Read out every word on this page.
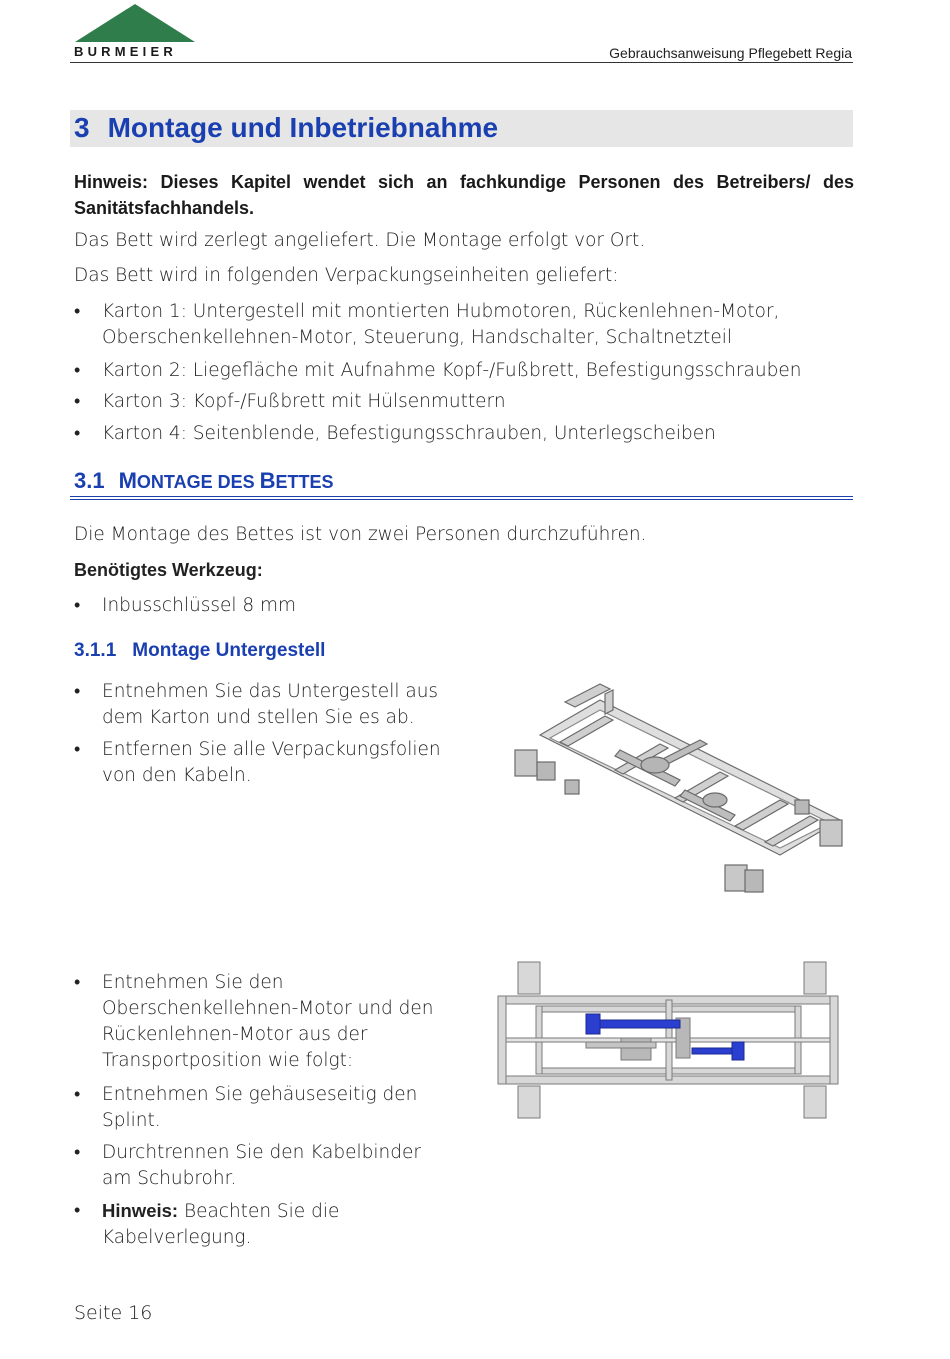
BURMEIER	Gebrauchsanweisung Pflegebett Regia
3 Montage und Inbetriebnahme
Hinweis: Dieses Kapitel wendet sich an fachkundige Personen des Betreibers/ des Sanitätsfachhandels.
Das Bett wird zerlegt angeliefert. Die Montage erfolgt vor Ort.
Das Bett wird in folgenden Verpackungseinheiten geliefert:
• Karton 1: Untergestell mit montierten Hubmotoren, Rückenlehnen-Motor,
Oberschenkellehnen-Motor, Steuerung, Handschalter, Schaltnetzteil
• Karton 2: Liegefläche mit Aufnahme Kopf-/Fußbrett, Befestigungsschrauben
• Karton 3: Kopf-/Fußbrett mit Hülsenmuttern
• Karton 4: Seitenblende, Befestigungsschrauben, Unterlegscheiben
3.1 MONTAGE DES BETTES
Die Montage des Bettes ist von zwei Personen durchzuführen.
Benötigtes Werkzeug:
• Inbusschlüssel 8 mm
3.1.1 Montage Untergestell
• Entnehmen Sie das Untergestell aus
dem Karton und stellen Sie es ab.
• Entfernen Sie alle Verpackungsfolien
von den Kabeln.
• Entnehmen Sie den
Oberschenkellehnen-Motor und den
Rückenlehnen-Motor aus der
Transportposition wie folgt:
• Entnehmen Sie gehäuseseitig den
Splint.
• Durchtrennen Sie den Kabelbinder
am Schubrohr.
• Hinweis: Beachten Sie die
Kabelverlegung.
Seite 16
